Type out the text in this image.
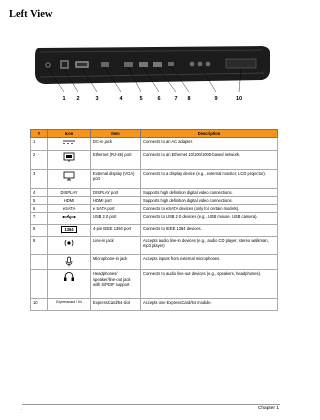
Left View
1 2	3	4	5	6	7 8	9	10
#	Icon	Item	Description
1		DC-in jack	Connects to an AC adapter.
2		Ethernet (RJ-45) port	Connects to an Ethernet 10/100/1000-based network.
3		External display (VGA) port	Connects to a display device (e.g., external monitor, LCD projector).
4	DISPLAY	DISPLAY port	Supports high definition digital video connections.
5	HDMI	HDMI port	Supports high definition digital video connections.
6	eSATA	e SATA port	Connects to eSATA devices (only for certain models).
7		USB 2.0 port	Connects to USB 2.0 devices (e.g., USB mouse, USB camera).
8	1394	4-pin IEEE 1394 port	Connects to IEEE 1394 devices.
9		Line-in jack	Accepts audio line-in devices (e.g., audio CD player, stereo walkman, mp3 player)
		Microphone-in jack	Accepts inputs from external microphones.
		Headphones/ speaker/line-out jack with S/PDIF support	Connects to audio line-out devices (e.g., speakers, headphones).
10	Expresscard / 54	ExpressCard/54 slot	Accepts one ExpressCard/54 module.
·	Chapter 1
